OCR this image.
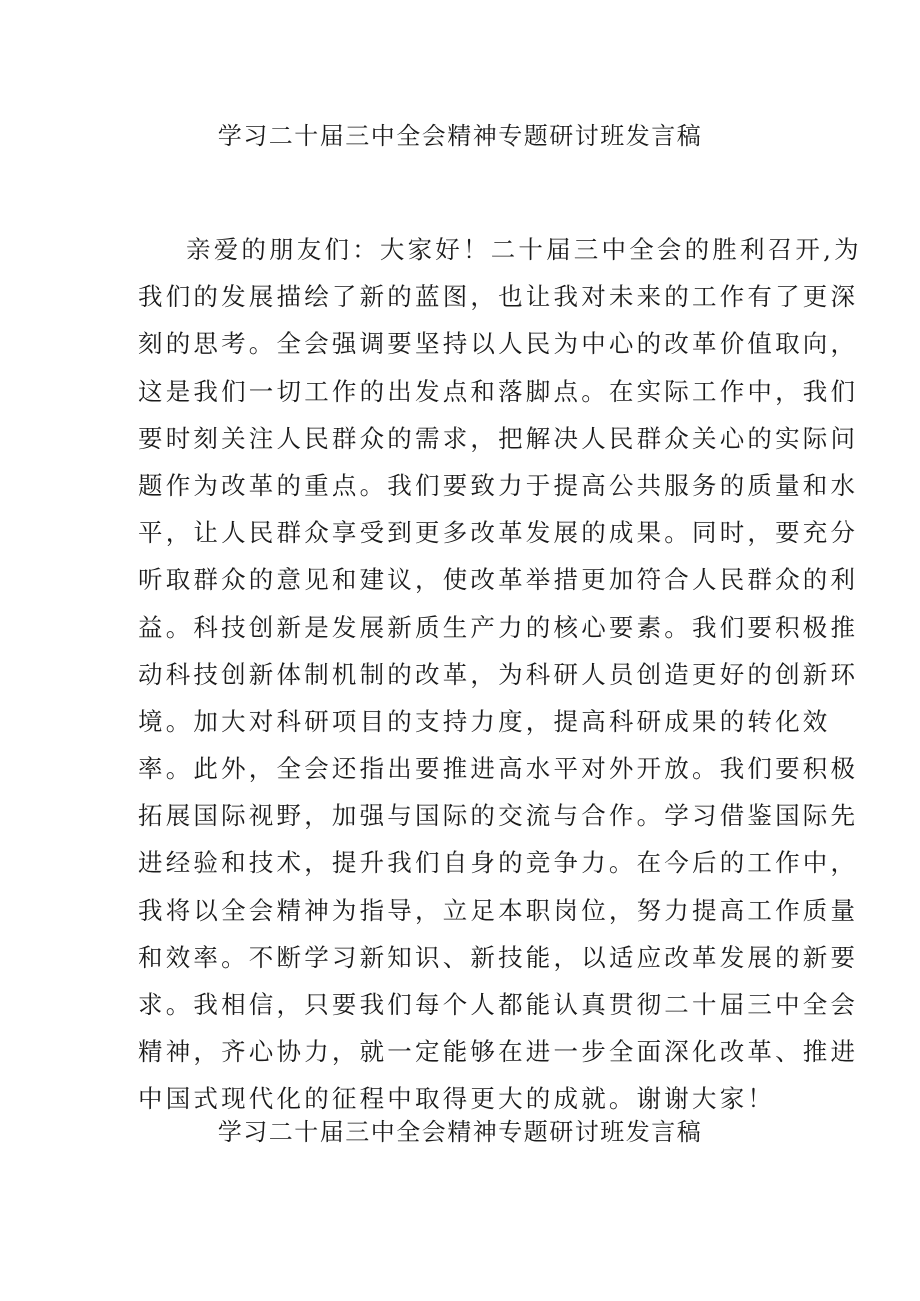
学习二十届三中全会精神专题研讨班发言稿
亲爱的朋友们：大家好！二十届三中全会的胜利召开,为
我们的发展描绘了新的蓝图，也让我对未来的工作有了更深
刻的思考。全会强调要坚持以人民为中心的改革价值取向，
这是我们一切工作的出发点和落脚点。在实际工作中，我们
要时刻关注人民群众的需求，把解决人民群众关心的实际问
题作为改革的重点。我们要致力于提高公共服务的质量和水
平，让人民群众享受到更多改革发展的成果。同时，要充分
听取群众的意见和建议，使改革举措更加符合人民群众的利
益。科技创新是发展新质生产力的核心要素。我们要积极推
动科技创新体制机制的改革，为科研人员创造更好的创新环
境。加大对科研项目的支持力度，提高科研成果的转化效
率。此外，全会还指出要推进高水平对外开放。我们要积极
拓展国际视野，加强与国际的交流与合作。学习借鉴国际先
进经验和技术，提升我们自身的竞争力。在今后的工作中，
我将以全会精神为指导，立足本职岗位，努力提高工作质量
和效率。不断学习新知识、新技能，以适应改革发展的新要
求。我相信，只要我们每个人都能认真贯彻二十届三中全会
精神，齐心协力，就一定能够在进一步全面深化改革、推进
中国式现代化的征程中取得更大的成就。谢谢大家！
学习二十届三中全会精神专题研讨班发言稿
